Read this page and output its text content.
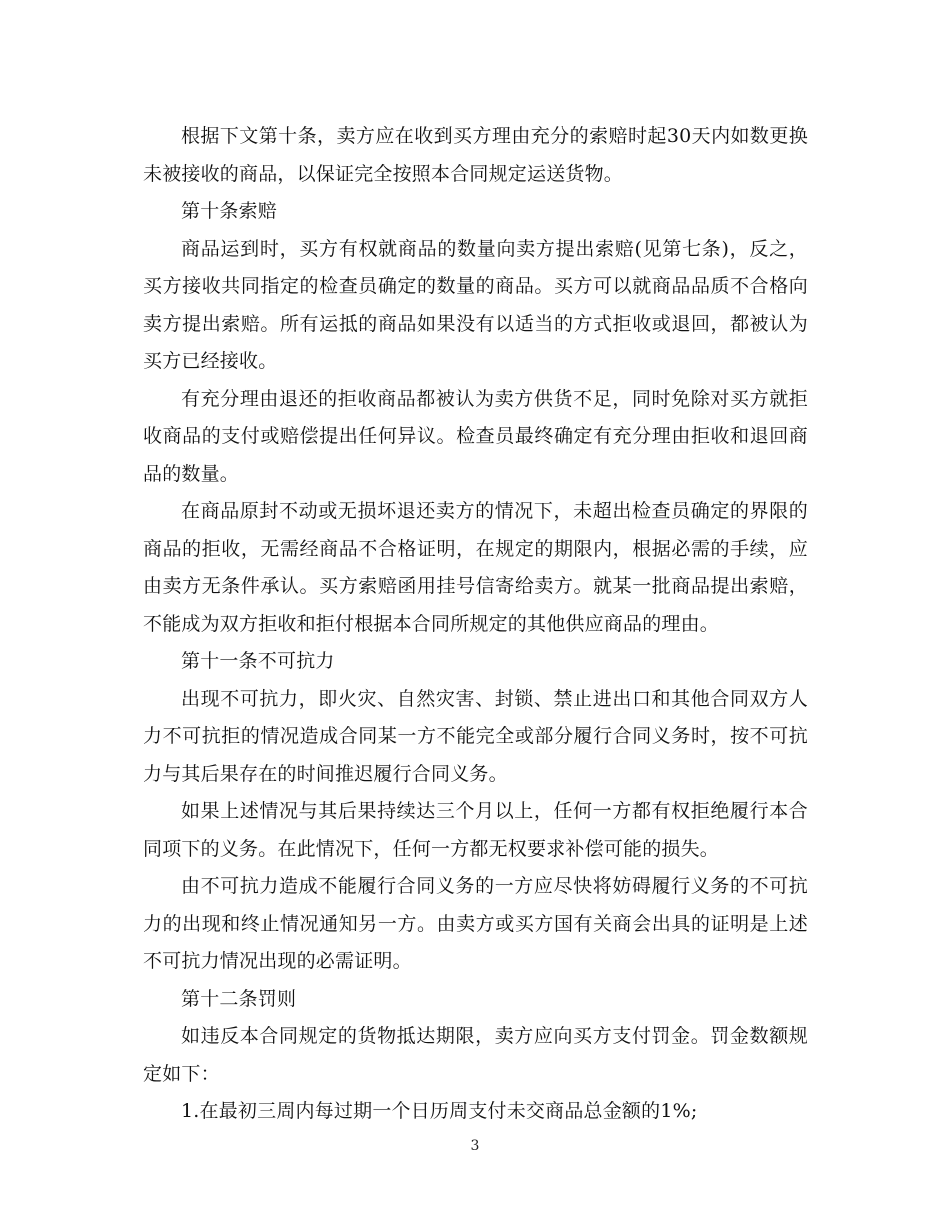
根据下文第十条，卖方应在收到买方理由充分的索赔时起30天内如数更换未被接收的商品，以保证完全按照本合同规定运送货物。

第十条索赔

商品运到时，买方有权就商品的数量向卖方提出索赔(见第七条)，反之，买方接收共同指定的检查员确定的数量的商品。买方可以就商品品质不合格向卖方提出索赔。所有运抵的商品如果没有以适当的方式拒收或退回，都被认为买方已经接收。

有充分理由退还的拒收商品都被认为卖方供货不足，同时免除对买方就拒收商品的支付或赔偿提出任何异议。检查员最终确定有充分理由拒收和退回商品的数量。

在商品原封不动或无损坏退还卖方的情况下，未超出检查员确定的界限的商品的拒收，无需经商品不合格证明，在规定的期限内，根据必需的手续，应由卖方无条件承认。买方索赔函用挂号信寄给卖方。就某一批商品提出索赔，不能成为双方拒收和拒付根据本合同所规定的其他供应商品的理由。

第十一条不可抗力

出现不可抗力，即火灾、自然灾害、封锁、禁止进出口和其他合同双方人力不可抗拒的情况造成合同某一方不能完全或部分履行合同义务时，按不可抗力与其后果存在的时间推迟履行合同义务。

如果上述情况与其后果持续达三个月以上，任何一方都有权拒绝履行本合同项下的义务。在此情况下，任何一方都无权要求补偿可能的损失。

由不可抗力造成不能履行合同义务的一方应尽快将妨碍履行义务的不可抗力的出现和终止情况通知另一方。由卖方或买方国有关商会出具的证明是上述不可抗力情况出现的必需证明。

第十二条罚则

如违反本合同规定的货物抵达期限，卖方应向买方支付罚金。罚金数额规定如下：

1.在最初三周内每过期一个日历周支付未交商品总金额的1%;

3
